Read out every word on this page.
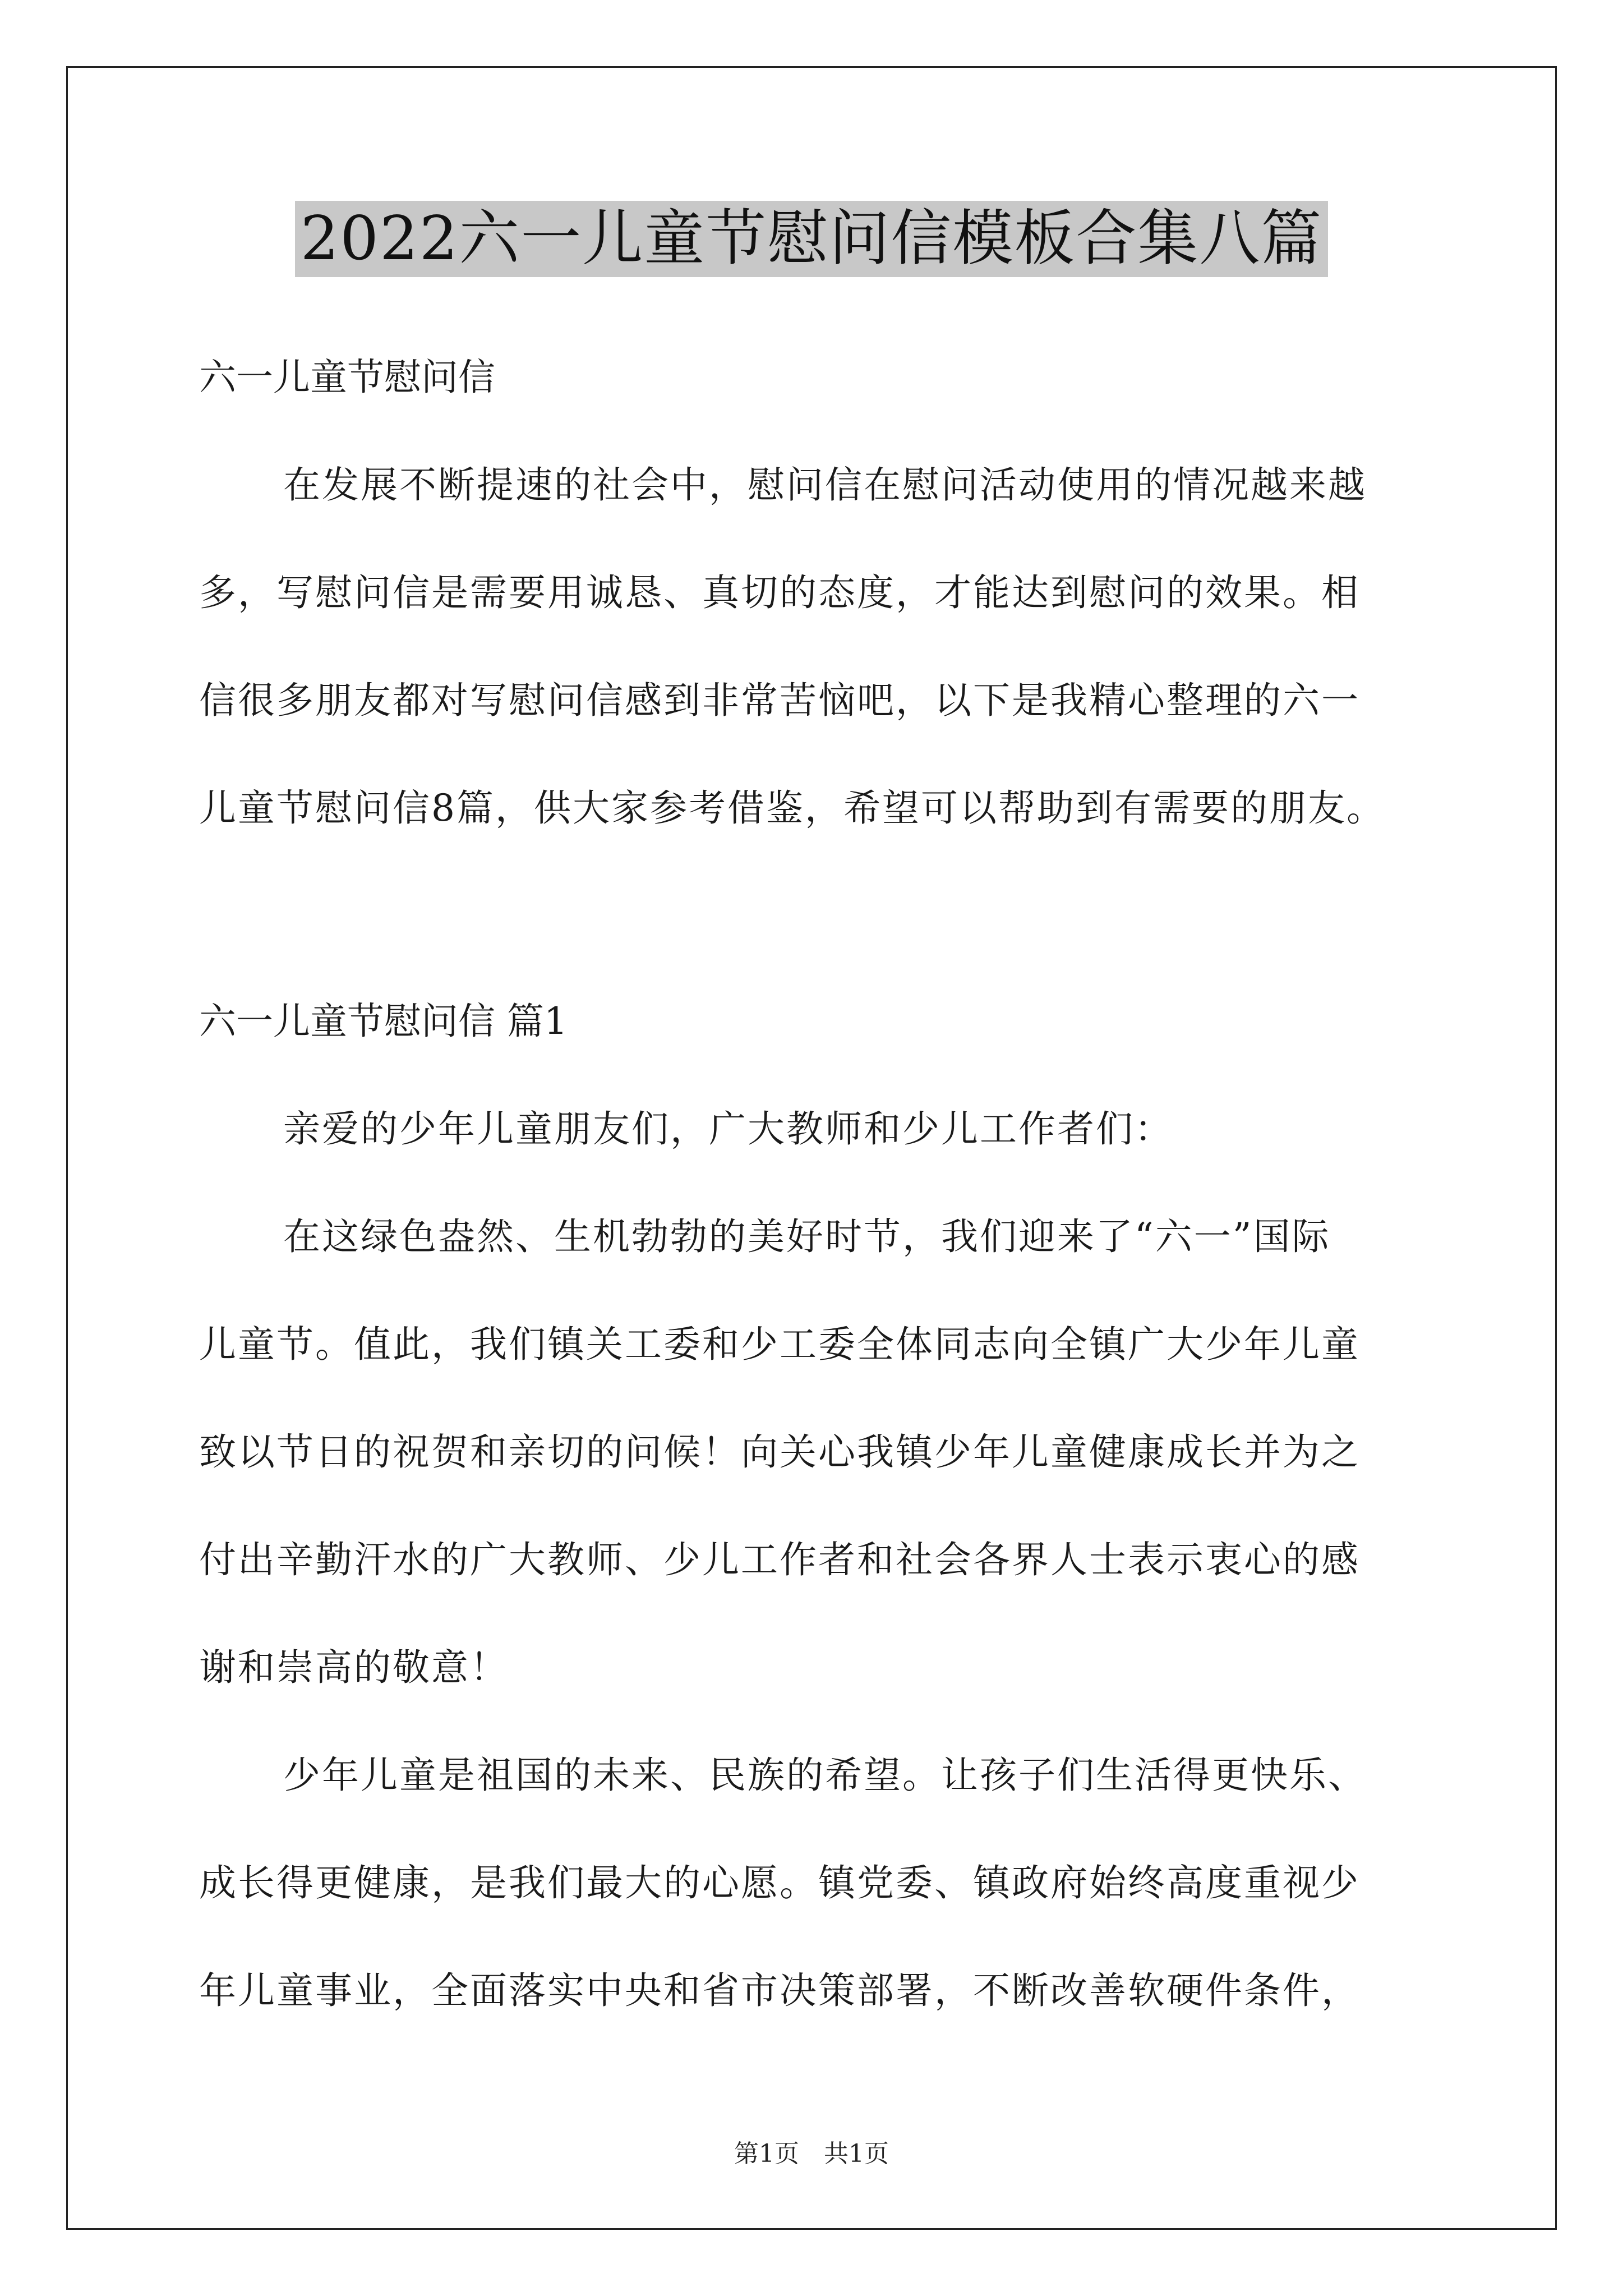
2022六一儿童节慰问信模板合集八篇
六一儿童节慰问信
在发展不断提速的社会中，慰问信在慰问活动使用的情况越来越
多，写慰问信是需要用诚恳、真切的态度，才能达到慰问的效果。相
信很多朋友都对写慰问信感到非常苦恼吧，以下是我精心整理的六一
儿童节慰问信8篇，供大家参考借鉴，希望可以帮助到有需要的朋友。
六一儿童节慰问信 篇1
亲爱的少年儿童朋友们，广大教师和少儿工作者们：
在这绿色盎然、生机勃勃的美好时节，我们迎来了“六一”国际
儿童节。值此，我们镇关工委和少工委全体同志向全镇广大少年儿童
致以节日的祝贺和亲切的问候！向关心我镇少年儿童健康成长并为之
付出辛勤汗水的广大教师、少儿工作者和社会各界人士表示衷心的感
谢和崇高的敬意！
少年儿童是祖国的未来、民族的希望。让孩子们生活得更快乐、
成长得更健康，是我们最大的心愿。镇党委、镇政府始终高度重视少
年儿童事业，全面落实中央和省市决策部署，不断改善软硬件条件，
第1页　共1页
